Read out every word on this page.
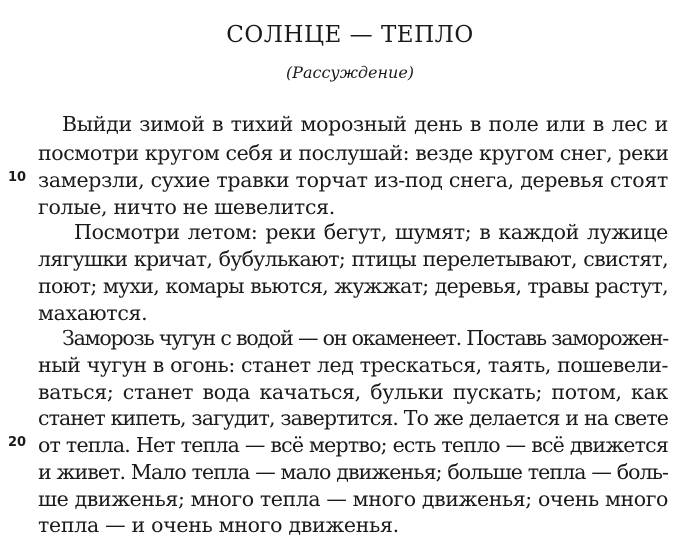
СОЛНЦЕ — ТЕПЛО
(Рассуждение)
10
20
Выйди зимой в тихий морозный день в поле или в лес и
посмотри кругом себя и послушай: везде кругом снег, реки
замерзли, сухие травки торчат из-под снега, деревья стоят
голые, ничто не шевелится.
Посмотри летом: реки бегут, шумят; в каждой лужице
лягушки кричат, бубулькают; птицы перелетывают, свистят,
поют; мухи, комары вьются, жужжат; деревья, травы растут,
махаются.
Заморозь чугун с водой — он окаменеет. Поставь заморожен-
ный чугун в огонь: станет лед трескаться, таять, пошевели-
ваться; станет вода качаться, бульки пускать; потом, как
станет кипеть, загудит, завертится. То же делается и на свете
от тепла. Нет тепла — всё мертво; есть тепло — всё движется
и живет. Мало тепла — мало движенья; больше тепла — боль-
ше движенья; много тепла — много движенья; очень много
тепла — и очень много движенья.
